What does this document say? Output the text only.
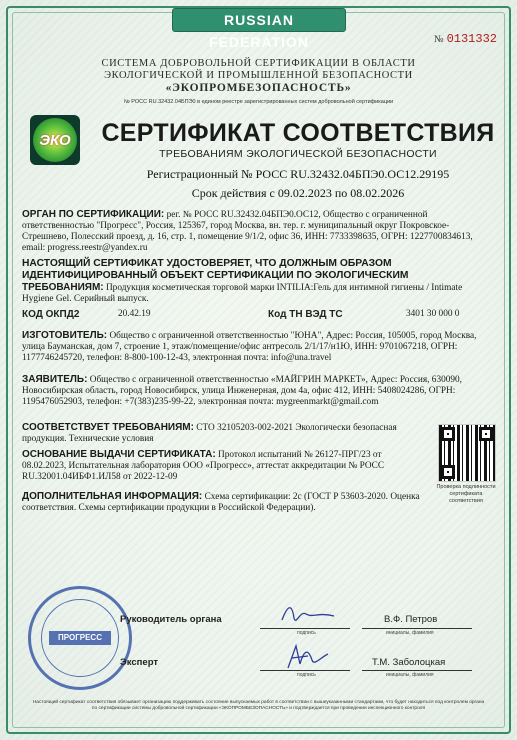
RUSSIAN FEDERATION	№ 0131332
СИСТЕМА ДОБРОВОЛЬНОЙ СЕРТИФИКАЦИИ В ОБЛАСТИ
ЭКОЛОГИЧЕСКОЙ И ПРОМЫШЛЕННОЙ БЕЗОПАСНОСТИ
«ЭКОПРОМБЕЗОПАСНОСТЬ»
№ РОСС RU.32432.04БПЭ0 в едином реестре зарегистрированных систем добровольной сертификации
ЭКО СЕРТИФИКАТ СООТВЕТСТВИЯ
ТРЕБОВАНИЯМ ЭКОЛОГИЧЕСКОЙ БЕЗОПАСНОСТИ
Регистрационный № РОСС RU.32432.04БПЭ0.ОС12.29195
Срок действия с 09.02.2023 по 08.02.2026
ОРГАН ПО СЕРТИФИКАЦИИ: рег. № РОСС RU.32432.04БПЭ0.ОС12, Общество с ограниченной ответственностью "Прогресс", Россия, 125367, город Москва, вн. тер. г. муниципальный округ Покровское-Стрешнево, Полесский проезд, д. 16, стр. 1, помещение 9/1/2, офис 36, ИНН: 7733398635, ОГРН: 1227700834613, email: progress.reestr@yandex.ru
НАСТОЯЩИЙ СЕРТИФИКАТ УДОСТОВЕРЯЕТ, ЧТО ДОЛЖНЫМ ОБРАЗОМ
ИДЕНТИФИЦИРОВАННЫЙ ОБЪЕКТ СЕРТИФИКАЦИИ ПО ЭКОЛОГИЧЕСКИМ
ТРЕБОВАНИЯМ: Продукция косметическая торговой марки INTILIA:Гель для интимной гигиены / Intimate Hygiene Gel. Серийный выпуск.
КОД ОКПД2	20.42.19	Код ТН ВЭД ТС	3401 30 000 0
ИЗГОТОВИТЕЛЬ: Общество с ограниченной ответственностью "ЮНА", Адрес: Россия, 105005, город Москва, улица Бауманская, дом 7, строение 1, этаж/помещение/офис антресоль 2/1/17/н1Ю, ИНН: 9701067218, ОГРН: 1177746245720, телефон: 8-800-100-12-43, электронная почта: info@una.travel
ЗАЯВИТЕЛЬ: Общество с ограниченной ответственностью «МАЙГРИН МАРКЕТ», Адрес: Россия, 630090, Новосибирская область, город Новосибирск, улица Инженерная, дом 4а, офис 412, ИНН: 5408024286, ОГРН: 1195476052903, телефон: +7(383)235-99-22, электронная почта: mygreenmarkt@gmail.com
СООТВЕТСТВУЕТ ТРЕБОВАНИЯМ: СТО 32105203-002-2021 Экологически безопасная продукция. Технические условия
ОСНОВАНИЕ ВЫДАЧИ СЕРТИФИКАТА: Протокол испытаний № 26127-ПРГ/23 от 08.02.2023, Испытательная лаборатория ООО «Прогресс», аттестат аккредитации № РОСС RU.32001.04ИБФ1.ИЛ58 от 2022-12-09
ДОПОЛНИТЕЛЬНАЯ ИНФОРМАЦИЯ: Схема сертификации: 2с (ГОСТ Р 53603-2020. Оценка соответствия. Схемы сертификации продукции в Российской Федерации).
Проверка подлинности сертификата соответствия
ПРОГРЕСС
Руководитель органа
подпись
В.Ф. Петров
инициалы, фамилия
Эксперт
подпись
Т.М. Заболоцкая
инициалы, фамилия
Настоящий сертификат соответствия обязывает организацию поддерживать состояние выпускаемых работ в соответствии с вышеуказанными стандартами, что будет находиться под контролем органа по сертификации системы добровольной сертификации «ЭКОПРОМБЕЗОПАСНОСТЬ» и подтверждается при проведении инспекционного контроля
